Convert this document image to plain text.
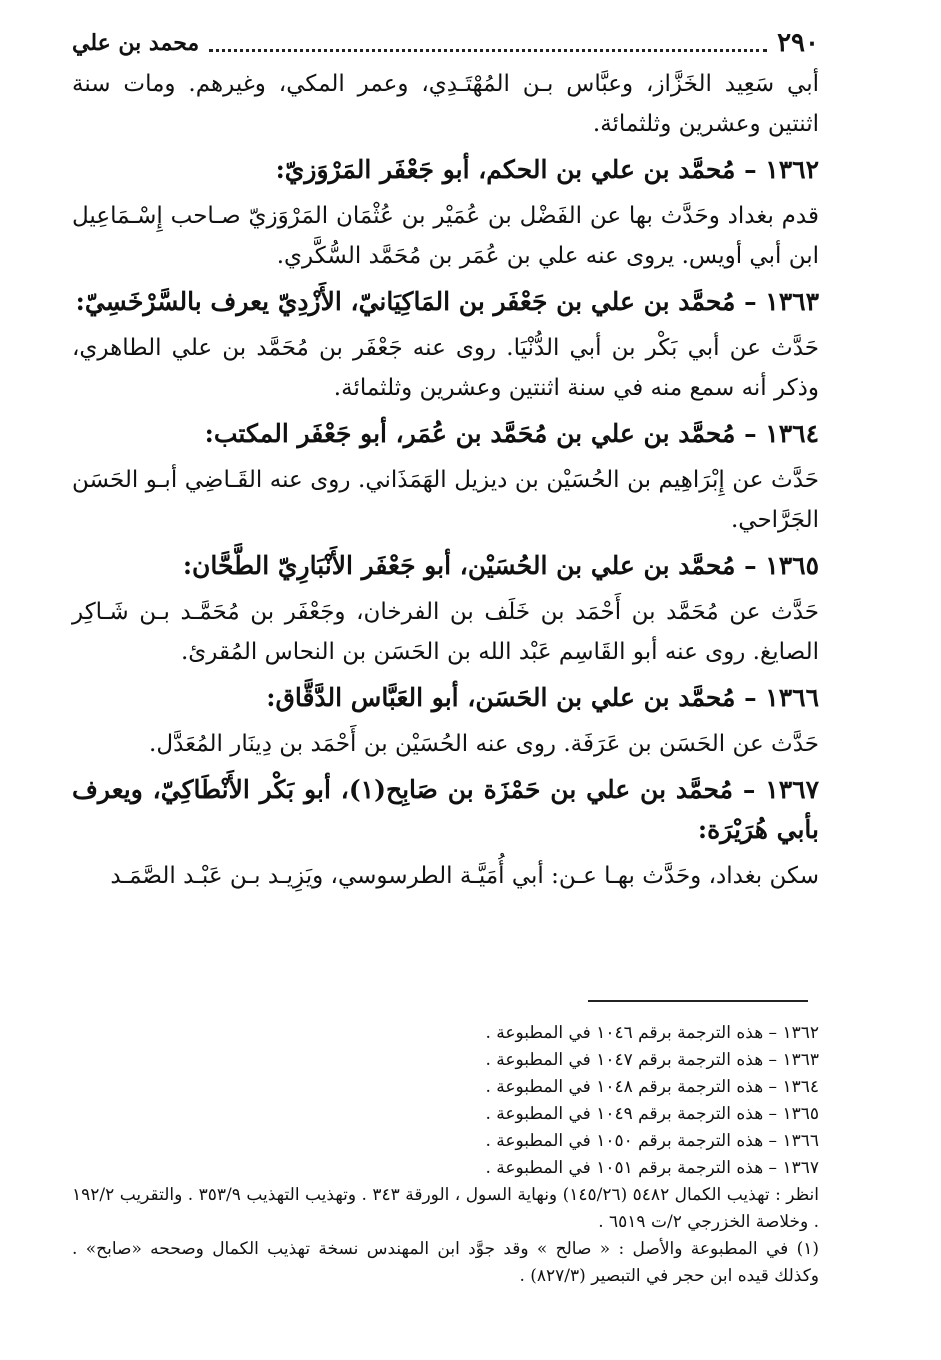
٢٩٠
محمد بن علي

أبي سَعِيد الخَزَّاز، وعبَّاس بـن المُهْتَـدِي، وعمر المكي، وغيرهم. ومات سنة اثنتين وعشرين وثلثمائة.

١٣٦٢ – مُحمَّد بن علي بن الحكم، أبو جَعْفَر المَرْوَزيّ:

قدم بغداد وحَدَّث بها عن الفَضْل بن عُمَيْر بن عُثْمَان المَرْوَزيّ صـاحب إِسْـمَاعِيل ابن أبي أويس. يروى عنه علي بن عُمَر بن مُحَمَّد السُّكَّري.

١٣٦٣ – مُحمَّد بن علي بن جَعْفَر بن المَاكِيَانيّ، الأَزْدِيّ يعرف بالسَّرْخَسِيّ:

حَدَّث عن أبي بَكْر بن أبي الدُّنْيَا. روى عنه جَعْفَر بن مُحَمَّد بن علي الطاهري، وذكر أنه سمع منه في سنة اثنتين وعشرين وثلثمائة.

١٣٦٤ – مُحمَّد بن علي بن مُحَمَّد بن عُمَر، أبو جَعْفَر المكتب:

حَدَّث عن إِبْرَاهِيم بن الحُسَيْن بن ديزيل الهَمَذَاني. روى عنه القَـاضِي أبـو الحَسَن الجَرَّاحي.

١٣٦٥ – مُحمَّد بن علي بن الحُسَيْن، أبو جَعْفَر الأَنْبَارِيّ الطَّحَّان:

حَدَّث عن مُحَمَّد بن أَحْمَد بن خَلَف بن الفرخان، وجَعْفَر بن مُحَمَّـد بـن شَـاكِر الصايغ. روى عنه أبو القَاسِم عَبْد الله بن الحَسَن بن النحاس المُقرئ.

١٣٦٦ – مُحمَّد بن علي بن الحَسَن، أبو العَبَّاس الدَّقَّاق:

حَدَّث عن الحَسَن بن عَرَفَة. روى عنه الحُسَيْن بن أَحْمَد بن دِينَار المُعَدَّل.

١٣٦٧ – مُحمَّد بن علي بن حَمْزَة بن صَابِح(١)، أبو بَكْر الأَنْطَاكِيّ، ويعرف بأبي هُرَيْرَة:

سكن بغداد، وحَدَّث بهـا عـن: أبي أُمَيَّـة الطرسوسي، ويَزِيـد بـن عَبْـد الصَّمَـد

١٣٦٢ – هذه الترجمة برقم ١٠٤٦ في المطبوعة .

١٣٦٣ – هذه الترجمة برقم ١٠٤٧ في المطبوعة .

١٣٦٤ – هذه الترجمة برقم ١٠٤٨ في المطبوعة .

١٣٦٥ – هذه الترجمة برقم ١٠٤٩ في المطبوعة .

١٣٦٦ – هذه الترجمة برقم ١٠٥٠ في المطبوعة .

١٣٦٧ – هذه الترجمة برقم ١٠٥١ في المطبوعة .

انظر : تهذيب الكمال ٥٤٨٢ (١٤٥/٢٦) ونهاية السول ، الورقة ٣٤٣ . وتهذيب التهذيب ٣٥٣/٩ . والتقريب ١٩٢/٢ . وخلاصة الخزرجي ٢/ت ٦٥١٩ .

(١) في المطبوعة والأصل : « صالح » وقد جوَّد ابن المهندس نسخة تهذيب الكمال وصححه «صابح» . وكذلك قيده ابن حجر في التبصير (٨٢٧/٣) .
